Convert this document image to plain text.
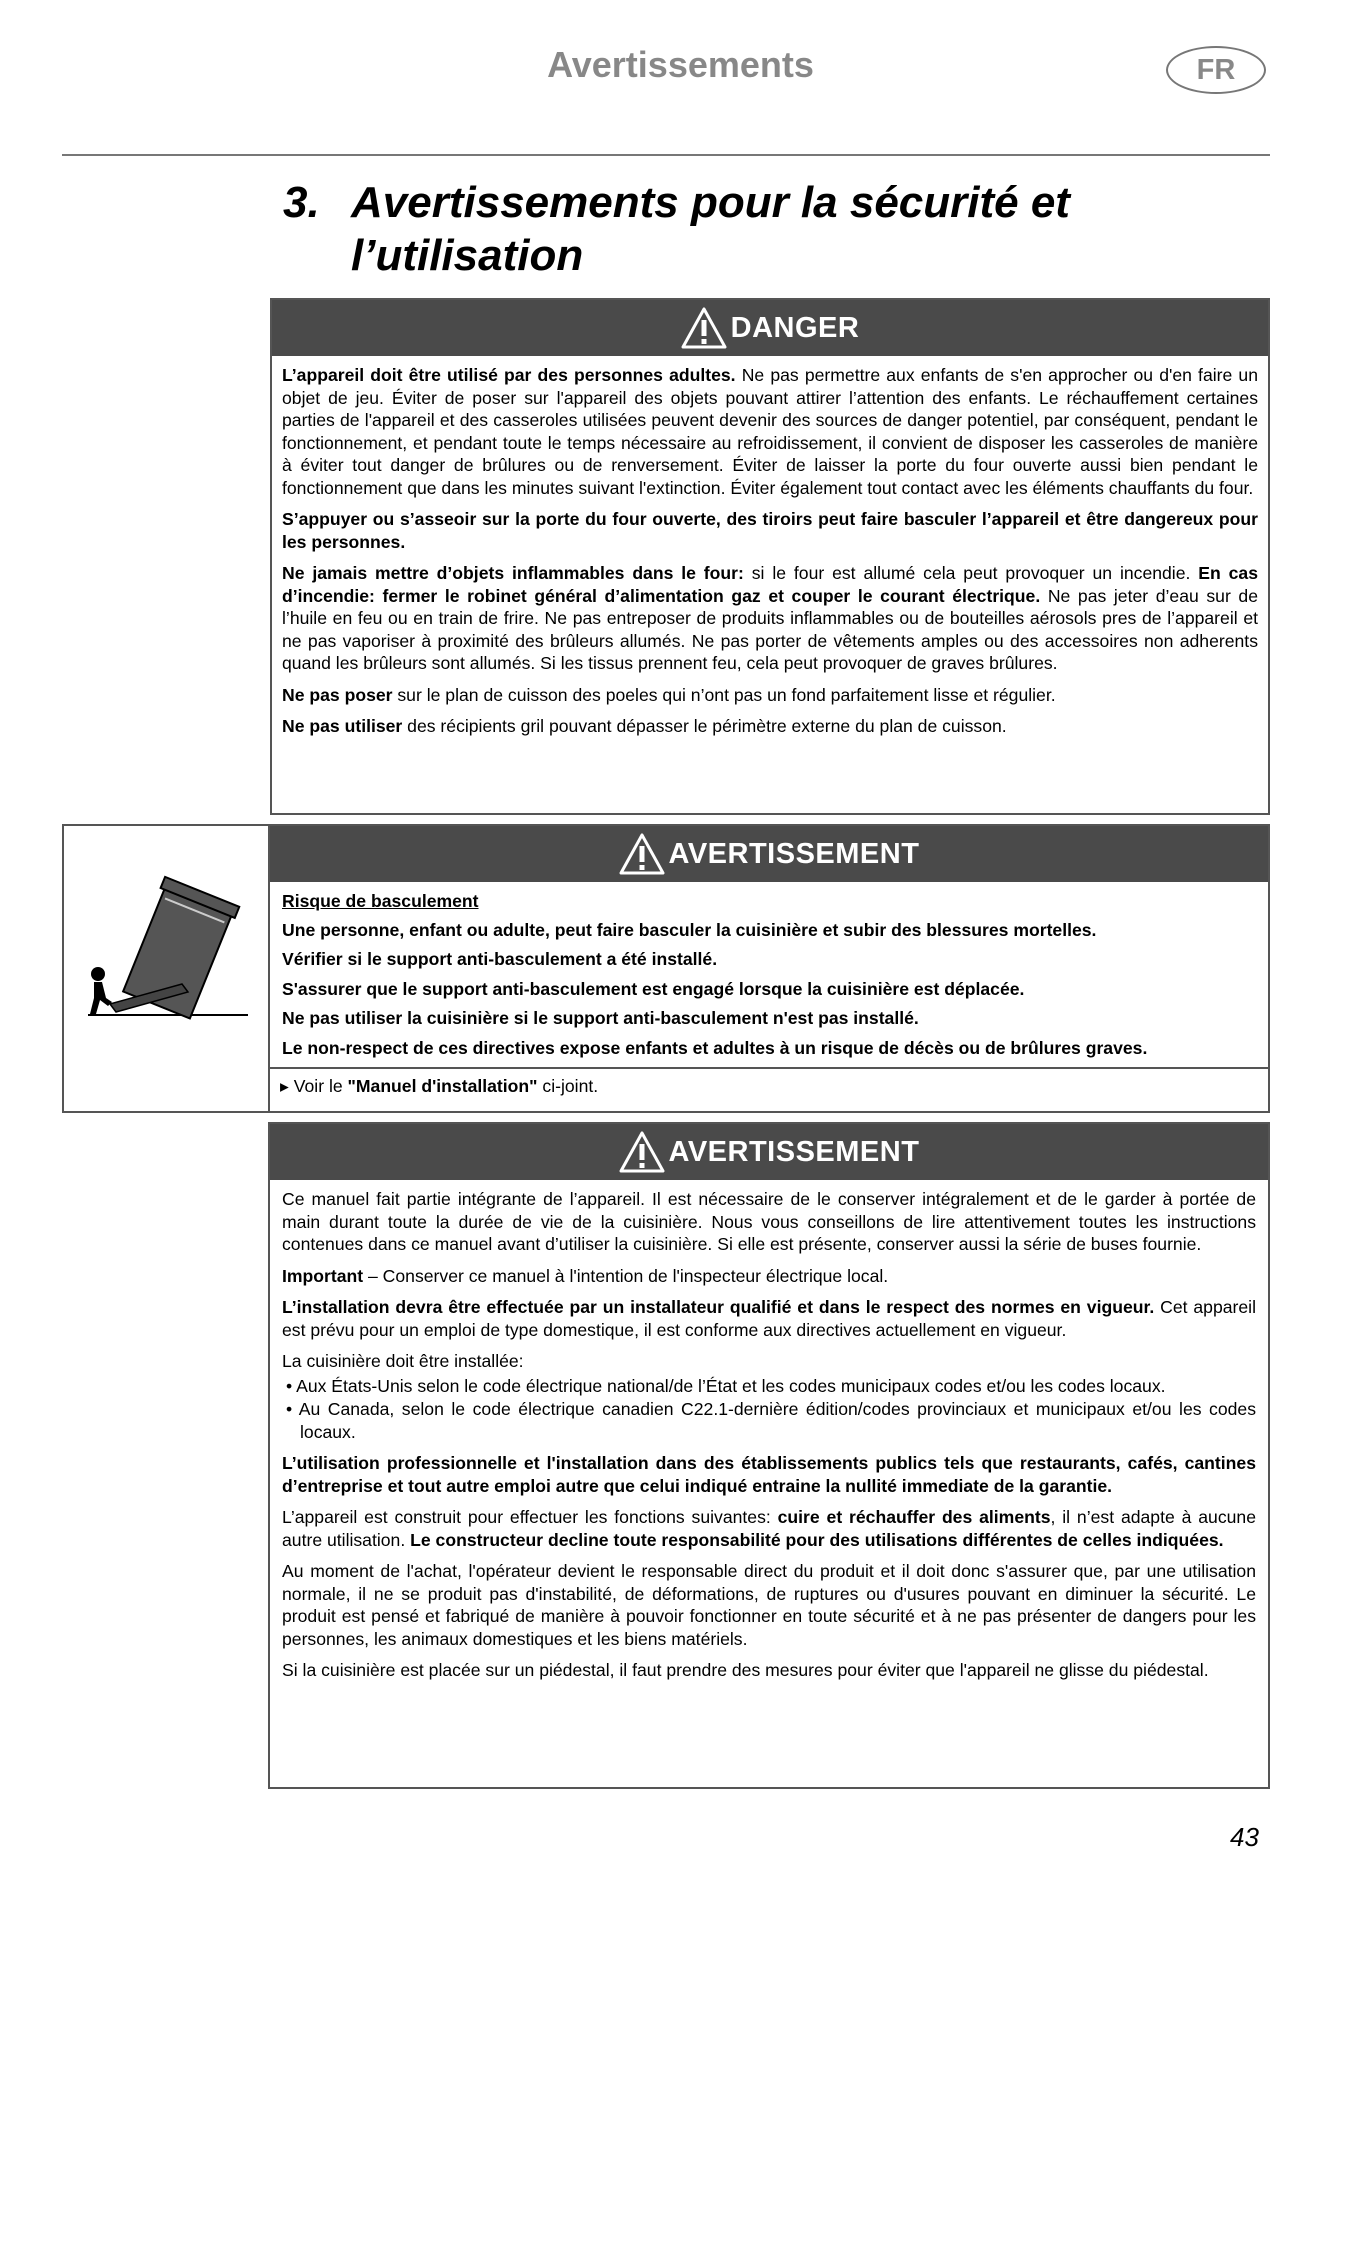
Avertissements	FR
3. Avertissements pour la sécurité et l’utilisation
DANGER

L’appareil doit être utilisé par des personnes adultes. Ne pas permettre aux enfants de s'en approcher ou d'en faire un objet de jeu. Éviter de poser sur l'appareil des objets pouvant attirer l’attention des enfants. Le réchauffement certaines parties de l'appareil et des casseroles utilisées peuvent devenir des sources de danger potentiel, par conséquent, pendant le fonctionnement, et pendant toute le temps nécessaire au refroidissement, il convient de disposer les casseroles de manière à éviter tout danger de brûlures ou de renversement. Éviter de laisser la porte du four ouverte aussi bien pendant le fonctionnement que dans les minutes suivant l'extinction. Éviter également tout contact avec les éléments chauffants du four.

S’appuyer ou s’asseoir sur la porte du four ouverte, des tiroirs peut faire basculer l’appareil et être dangereux pour les personnes.

Ne jamais mettre d’objets inflammables dans le four: si le four est allumé cela peut provoquer un incendie. En cas d’incendie: fermer le robinet général d’alimentation gaz et couper le courant électrique. Ne pas jeter d’eau sur de l’huile en feu ou en train de frire. Ne pas entreposer de produits inflammables ou de bouteilles aérosols pres de l’appareil et ne pas vaporiser à proximité des brûleurs allumés. Ne pas porter de vêtements amples ou des accessoires non adherents quand les brûleurs sont allumés. Si les tissus prennent feu, cela peut provoquer de graves brûlures.

Ne pas poser sur le plan de cuisson des poeles qui n’ont pas un fond parfaitement lisse et régulier.

Ne pas utiliser des récipients gril pouvant dépasser le périmètre externe du plan de cuisson.

AVERTISSEMENT

Risque de basculement

Une personne, enfant ou adulte, peut faire basculer la cuisinière et subir des blessures mortelles.

Vérifier si le support anti-basculement a été installé.

S'assurer que le support anti-basculement est engagé lorsque la cuisinière est déplacée.

Ne pas utiliser la cuisinière si le support anti-basculement n'est pas installé.

Le non-respect de ces directives expose enfants et adultes à un risque de décès ou de brûlures graves.

▸ Voir le "Manuel d'installation" ci-joint.
AVERTISSEMENT

Ce manuel fait partie intégrante de l’appareil. Il est nécessaire de le conserver intégralement et de le garder à portée de main durant toute la durée de vie de la cuisinière. Nous vous conseillons de lire attentivement toutes les instructions contenues dans ce manuel avant d’utiliser la cuisinière. Si elle est présente, conserver aussi la série de buses fournie.

Important – Conserver ce manuel à l'intention de l'inspecteur électrique local.

L’installation devra être effectuée par un installateur qualifié et dans le respect des normes en vigueur. Cet appareil est prévu pour un emploi de type domestique, il est conforme aux directives actuellement en vigueur.

La cuisinière doit être installée:

• Aux États-Unis selon le code électrique national/de l’État et les codes municipaux codes et/ou les codes locaux.

• Au Canada, selon le code électrique canadien C22.1-dernière édition/codes provinciaux et municipaux et/ou les codes locaux.

L’utilisation professionnelle et l'installation dans des établissements publics tels que restaurants, cafés, cantines d’entreprise et tout autre emploi autre que celui indiqué entraine la nullité immediate de la garantie.

L’appareil est construit pour effectuer les fonctions suivantes: cuire et réchauffer des aliments, il n’est adapte à aucune autre utilisation. Le constructeur decline toute responsabilité pour des utilisations différentes de celles indiquées.

Au moment de l'achat, l'opérateur devient le responsable direct du produit et il doit donc s'assurer que, par une utilisation normale, il ne se produit pas d'instabilité, de déformations, de ruptures ou d'usures pouvant en diminuer la sécurité. Le produit est pensé et fabriqué de manière à pouvoir fonctionner en toute sécurité et à ne pas présenter de dangers pour les personnes, les animaux domestiques et les biens matériels.

Si la cuisinière est placée sur un piédestal, il faut prendre des mesures pour éviter que l'appareil ne glisse du piédestal.

43
